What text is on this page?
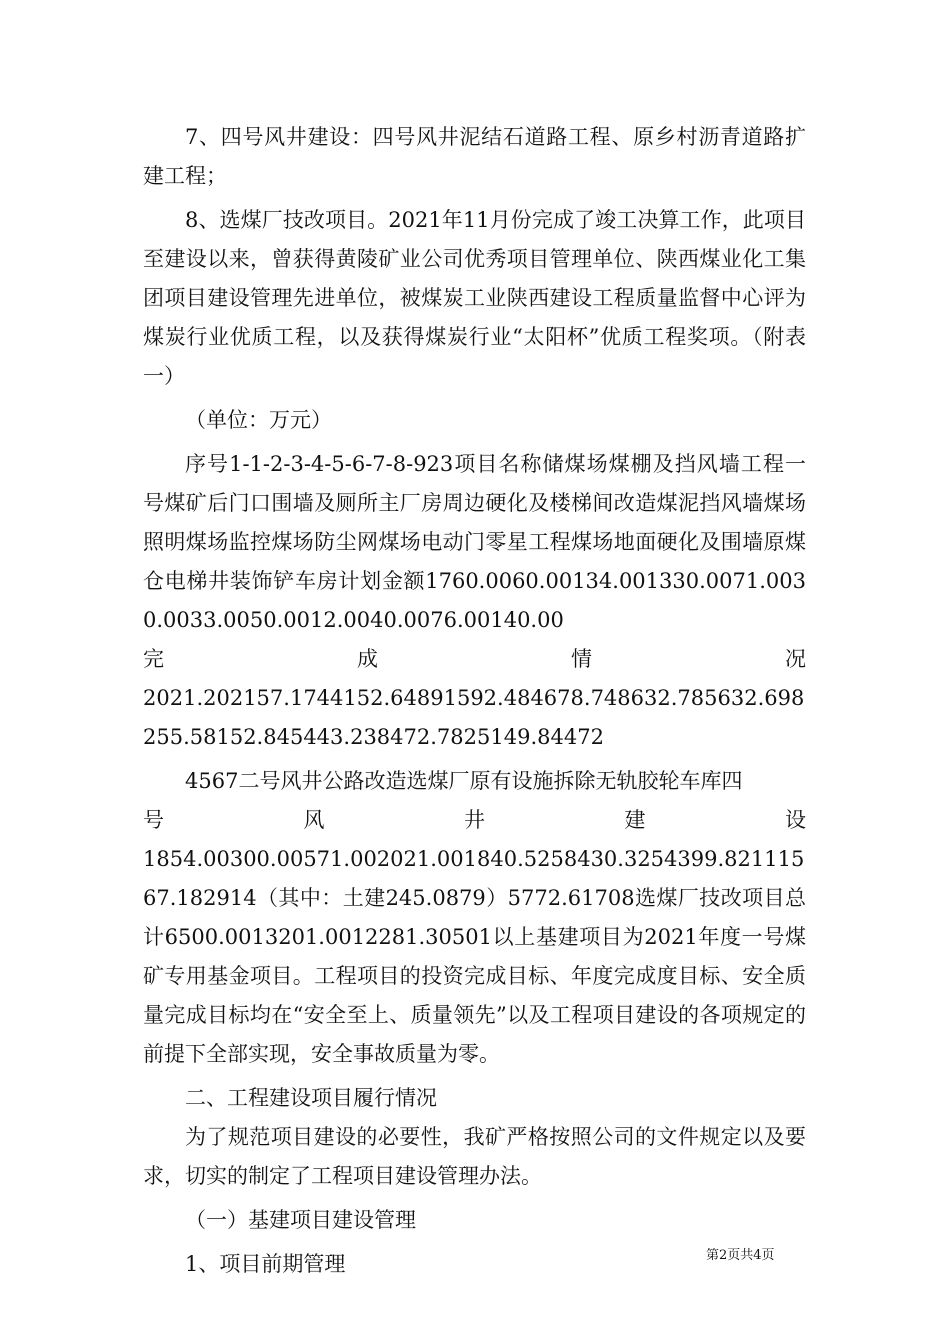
7、四号风井建设：四号风井泥结石道路工程、原乡村沥青道路扩建工程；

8、选煤厂技改项目。2021年11月份完成了竣工决算工作，此项目至建设以来，曾获得黄陵矿业公司优秀项目管理单位、陕西煤业化工集团项目建设管理先进单位，被煤炭工业陕西建设工程质量监督中心评为煤炭行业优质工程，以及获得煤炭行业“太阳杯”优质工程奖项。（附表一）

（单位：万元）

序号1-1-2-3-4-5-6-7-8-923项目名称储煤场煤棚及挡风墙工程一号煤矿后门口围墙及厕所主厂房周边硬化及楼梯间改造煤泥挡风墙煤场照明煤场监控煤场防尘网煤场电动门零星工程煤场地面硬化及围墙原煤仓电梯井装饰铲车房计划金额1760.0060.00134.001330.0071.0030.0033.0050.0012.0040.0076.00140.00

完成情况

2021.202157.1744152.64891592.484678.748632.785632.698255.58152.845443.238472.7825149.84472

4567二号风井公路改造选煤厂原有设施拆除无轨胶轮车库四

号风井建设

1854.00300.00571.002021.001840.5258430.3254399.82111567.182914（其中：土建245.0879）5772.61708选煤厂技改项目总计6500.0013201.0012281.30501以上基建项目为2021年度一号煤矿专用基金项目。工程项目的投资完成目标、年度完成度目标、安全质量完成目标均在“安全至上、质量领先”以及工程项目建设的各项规定的前提下全部实现，安全事故质量为零。

二、工程建设项目履行情况

为了规范项目建设的必要性，我矿严格按照公司的文件规定以及要求，切实的制定了工程项目建设管理办法。

（一）基建项目建设管理

1、项目前期管理	第2页共4页
